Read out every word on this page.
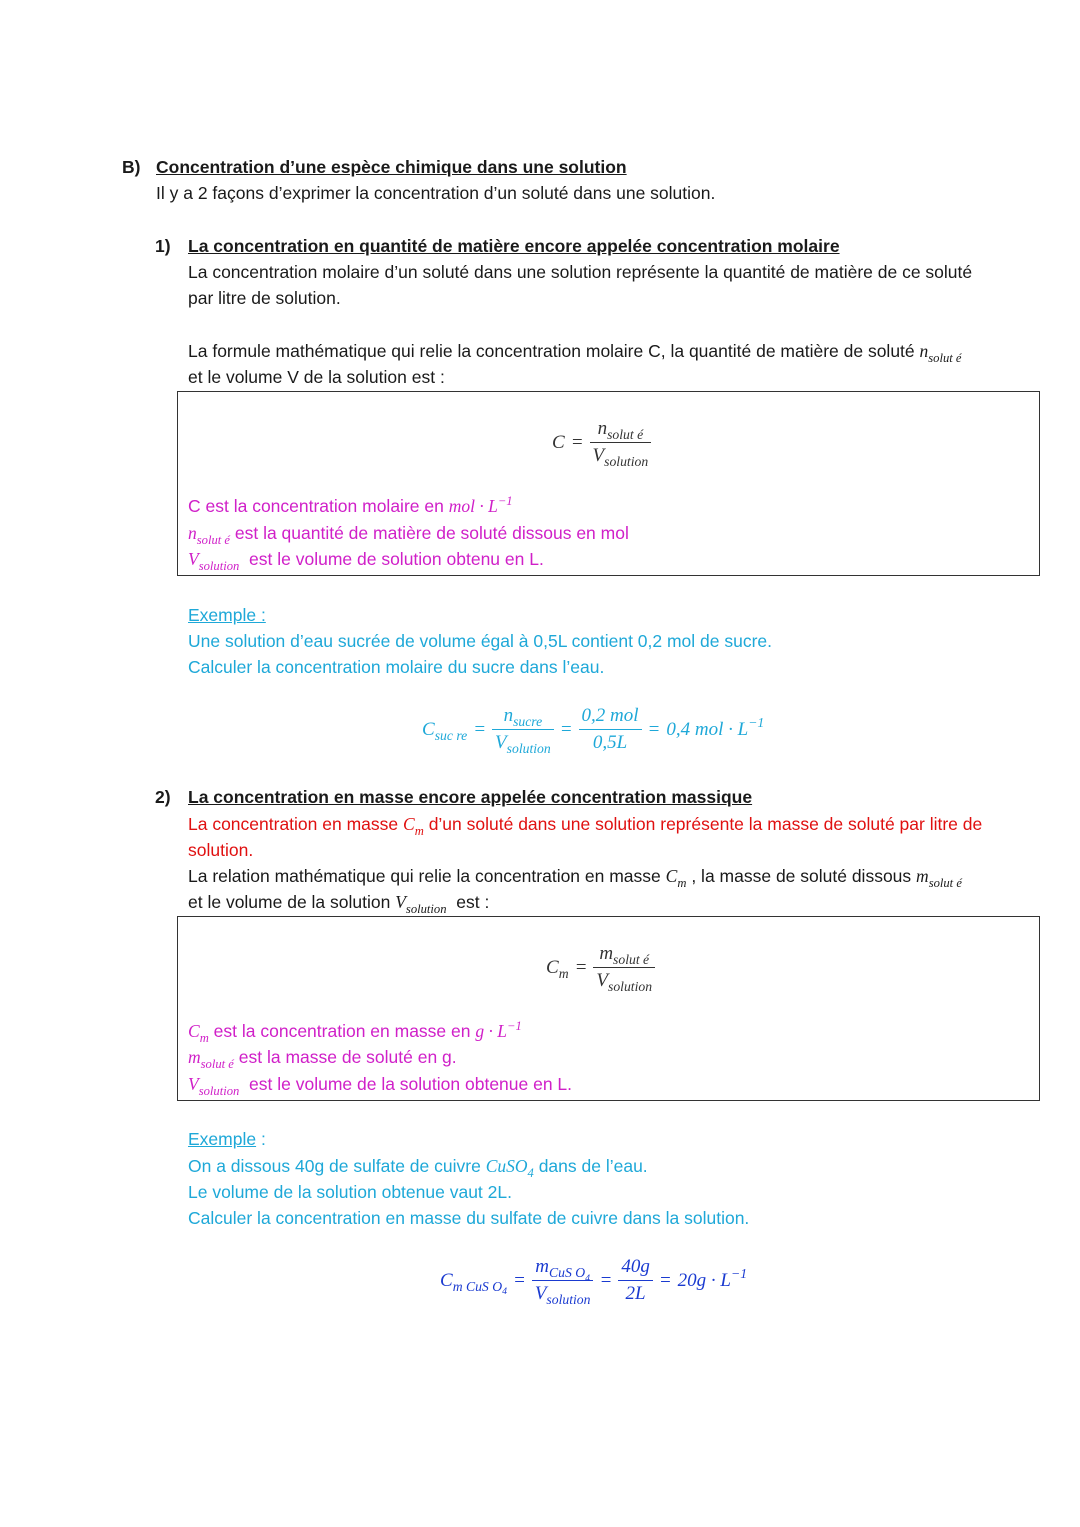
B) Concentration d’une espèce chimique dans une solution
Il y a 2 façons d’exprimer la concentration d’un soluté dans une solution.
1) La concentration en quantité de matière encore appelée concentration molaire
La concentration molaire d’un soluté dans une solution représente la quantité de matière de ce soluté
par litre de solution.
La formule mathématique qui relie la concentration molaire C, la quantité de matière de soluté $n_{solut é}$
et le volume V de la solution est :
$C = \frac{n_{solut é}}{V_{solution}}$
C est la concentration molaire en mol · $L^{-1}$
$n_{solut é}$ est la quantité de matière de soluté dissous en mol
$V_{solution}$ est le volume de solution obtenu en L.
Exemple :
Une solution d’eau sucrée de volume égal à 0,5L contient 0,2 mol de sucre.
Calculer la concentration molaire du sucre dans l’eau.
$C_{suc re} = \frac{n_{sucre}}{V_{solution}} = \frac{\text{0,2 mol}}{0,5L} = 0,4$ mol · $L^{-1}$
2) La concentration en masse encore appelée concentration massique
La concentration en masse $C_m$ d’un soluté dans une solution représente la masse de soluté par litre de
solution.
La relation mathématique qui relie la concentration en masse $C_m$ , la masse de soluté dissous $m_{solut é}$
et le volume de la solution $V_{solution}$ est :
$C_m = \frac{m_{solut é}}{V_{solution}}$
$C_m$ est la concentration en masse en $g \cdot L^{-1}$
$m_{solut é}$ est la masse de soluté en g.
$V_{solution}$ est le volume de la solution obtenue en L.
Exemple :
On a dissous 40g de sulfate de cuivre CuSO$_4$ dans de l’eau.
Le volume de la solution obtenue vaut 2L.
Calculer la concentration en masse du sulfate de cuivre dans la solution.
$C_{m CuS O_4}$
= $\frac{m_{CuS O_4}}{V_{solution}} = \frac{40g}{2L} = 20g \cdot L^{-1}$
